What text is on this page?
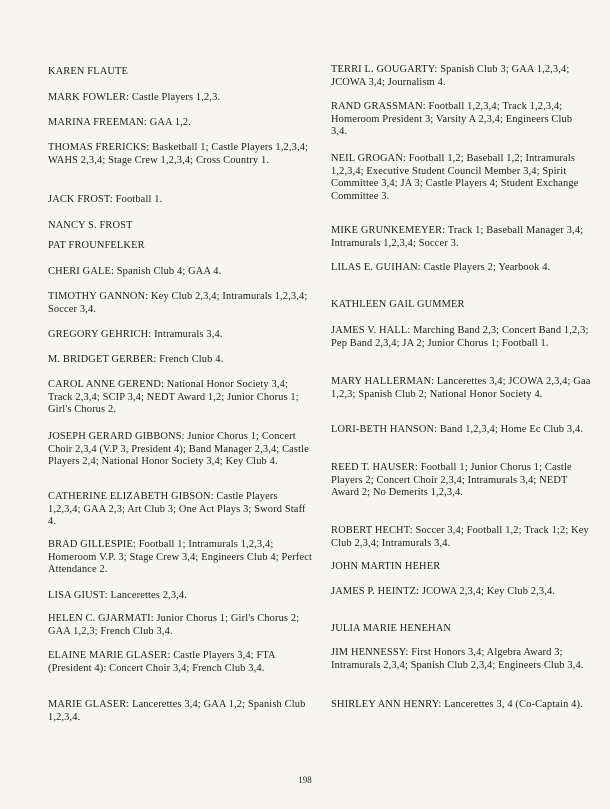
KAREN FLAUTE
MARK FOWLER: Castle Players 1,2,3.
MARINA FREEMAN: GAA 1,2.
THOMAS FRERICKS: Basketball 1; Castle Players 1,2,3,4; WAHS 2,3,4; Stage Crew 1,2,3,4; Cross Country 1.
JACK FROST: Football 1.
NANCY S. FROST
PAT FROUNFELKER
CHERI GALE: Spanish Club 4; GAA 4.
TIMOTHY GANNON: Key Club 2,3,4; Intramurals 1,2,3,4; Soccer 3,4.
GREGORY GEHRICH: Intramurals 3,4.
M. BRIDGET GERBER: French Club 4.
CAROL ANNE GEREND: National Honor Society 3,4; Track 2,3,4; SCIP 3,4; NEDT Award 1,2; Junior Chorus 1; Girl's Chorus 2.
JOSEPH GERARD GIBBONS: Junior Chorus 1; Concert Choir 2,3,4 (V.P 3, President 4); Band Manager 2,3,4; Castle Players 2,4; National Honor Society 3,4; Key Club 4.
CATHERINE ELIZABETH GIBSON: Castle Players 1,2,3,4; GAA 2,3; Art Club 3; One Act Plays 3; Sword Staff 4.
BRAD GILLESPIE: Football 1; Intramurals 1,2,3,4; Homeroom V.P. 3; Stage Crew 3,4; Engineers Club 4; Perfect Attendance 2.
LISA GIUST: Lancerettes 2,3,4.
HELEN C. GJARMATI: Junior Chorus 1; Girl's Chorus 2; GAA 1,2,3; French Club 3,4.
ELAINE MARIE GLASER: Castle Players 3,4; FTA (President 4): Concert Choir 3,4; French Club 3,4.
MARIE GLASER: Lancerettes 3,4; GAA 1,2; Spanish Club 1,2,3,4.
TERRI L. GOUGARTY: Spanish Club 3; GAA 1,2,3,4; JCOWA 3,4; Journalism 4.
RAND GRASSMAN: Football 1,2,3,4; Track 1,2,3,4; Homeroom President 3; Varsity A 2,3,4; Engineers Club 3,4.
NEIL GROGAN: Football 1,2; Baseball 1,2; Intramurals 1,2,3,4; Executive Student Council Member 3,4; Spirit Committee 3,4; JA 3; Castle Players 4; Student Exchange Committee 3.
MIKE GRUNKEMEYER: Track 1; Baseball Manager 3,4; Intramurals 1,2,3,4; Soccer 3.
LILAS E. GUIHAN: Castle Players 2; Yearbook 4.
KATHLEEN GAIL GUMMER
JAMES V. HALL: Marching Band 2,3; Concert Band 1,2,3; Pep Band 2,3,4; JA 2; Junior Chorus 1; Football 1.
MARY HALLERMAN: Lancerettes 3,4; JCOWA 2,3,4; Gaa 1,2,3; Spanish Club 2; National Honor Society 4.
LORI-BETH HANSON: Band 1,2,3,4; Home Ec Club 3,4.
REED T. HAUSER: Football 1; Junior Chorus 1; Castle Players 2; Concert Choir 2,3,4; Intramurals 3,4; NEDT Award 2; No Demerits 1,2,3,4.
ROBERT HECHT: Soccer 3,4; Football 1,2; Track 1;2; Key Club 2,3,4; Intramurals 3,4.
JOHN MARTIN HEHER
JAMES P. HEINTZ: JCOWA 2,3,4; Key Club 2,3,4.
JULIA MARIE HENEHAN
JIM HENNESSY: First Honors 3,4; Algebra Award 3; Intramurals 2,3,4; Spanish Club 2,3,4; Engineers Club 3,4.
SHIRLEY ANN HENRY: Lancerettes 3, 4 (Co-Captain 4).
198
